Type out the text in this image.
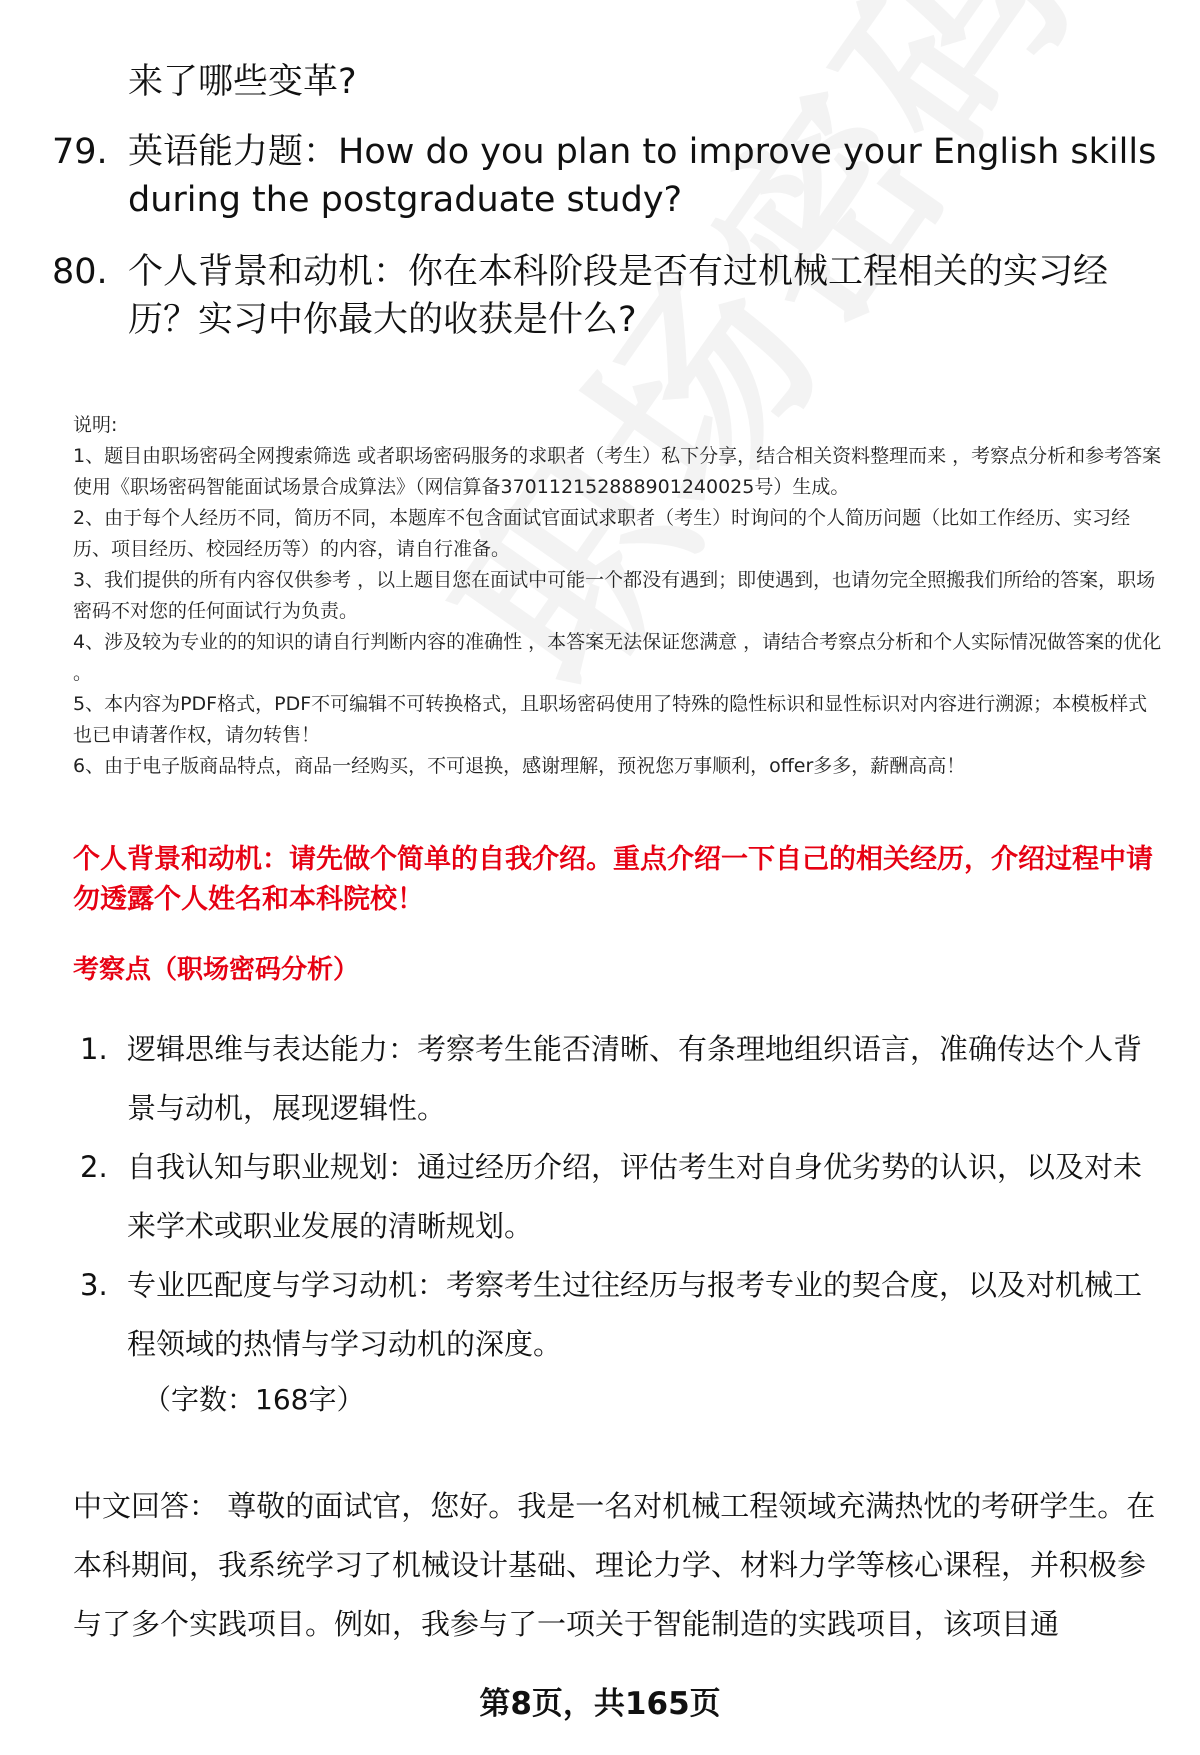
来了哪些变革?
79. 英语能力题：How do you plan to improve your English skills during the postgraduate study?
80. 个人背景和动机：你在本科阶段是否有过机械工程相关的实习经历？实习中你最大的收获是什么?
说明:
1、题目由职场密码全网搜索筛选 或者职场密码服务的求职者（考生）私下分享，结合相关资料整理而来 ，考察点分析和参考答案使用《职场密码智能面试场景合成算法》（网信算备370112152888901240025号）生成。
2、由于每个人经历不同，简历不同，本题库不包含面试官面试求职者（考生）时询问的个人简历问题（比如工作经历、实习经历、项目经历、校园经历等）的内容，请自行准备。
3、我们提供的所有内容仅供参考 ，以上题目您在面试中可能一个都没有遇到；即使遇到，也请勿完全照搬我们所给的答案，职场密码不对您的任何面试行为负责。
4、涉及较为专业的的知识的请自行判断内容的准确性 ，本答案无法保证您满意 ，请结合考察点分析和个人实际情况做答案的优化 。
5、本内容为PDF格式，PDF不可编辑不可转换格式，且职场密码使用了特殊的隐性标识和显性标识对内容进行溯源；本模板样式也已申请著作权，请勿转售！
6、由于电子版商品特点，商品一经购买，不可退换，感谢理解，预祝您万事顺利，offer多多，薪酬高高！
个人背景和动机：请先做个简单的自我介绍。重点介绍一下自己的相关经历，介绍过程中请勿透露个人姓名和本科院校！
考察点（职场密码分析）
1. 逻辑思维与表达能力：考察考生能否清晰、有条理地组织语言，准确传达个人背景与动机，展现逻辑性。
2. 自我认知与职业规划：通过经历介绍，评估考生对自身优劣势的认识，以及对未来学术或职业发展的清晰规划。
3. 专业匹配度与学习动机：考察考生过往经历与报考专业的契合度，以及对机械工程领域的热情与学习动机的深度。
（字数：168字）
中文回答： 尊敬的面试官，您好。我是一名对机械工程领域充满热忱的考研学生。在本科期间，我系统学习了机械设计基础、理论力学、材料力学等核心课程，并积极参与了多个实践项目。例如，我参与了一项关于智能制造的实践项目，该项目通
第8页，共165页
